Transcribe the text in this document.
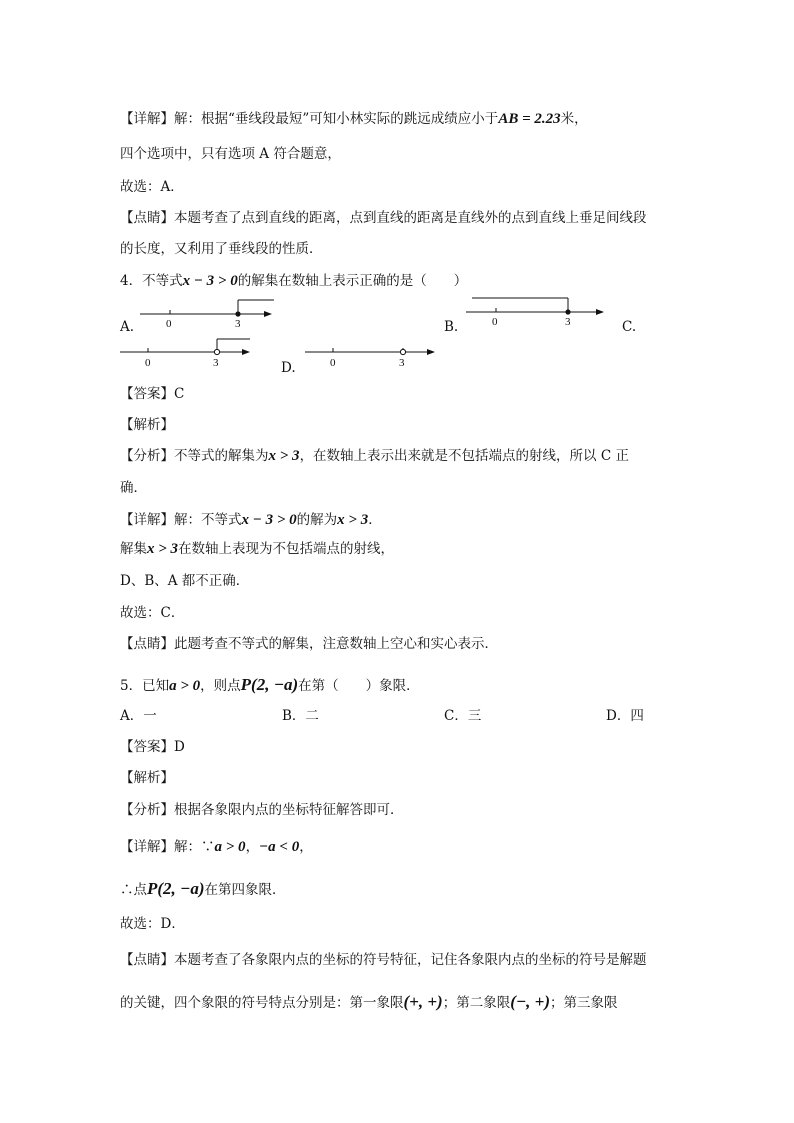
【详解】解：根据“垂线段最短”可知小林实际的跳远成绩应小于AB = 2.23米，
四个选项中，只有选项 A 符合题意，
故选：A．
【点睛】本题考查了点到直线的距离，点到直线的距离是直线外的点到直线上垂足间线段
的长度，又利用了垂线段的性质．
4．不等式x − 3 > 0的解集在数轴上表示正确的是（　　）
A.	0	3	B.	0	3	C.
0	3	D.	0	3
【答案】C
【解析】
【分析】不等式的解集为x > 3，在数轴上表示出来就是不包括端点的射线，所以 C 正
确．
【详解】解：不等式x − 3 > 0的解为x > 3．
解集x > 3在数轴上表现为不包括端点的射线，
D、B、A 都不正确．
故选：C．
【点睛】此题考查不等式的解集，注意数轴上空心和实心表示．
5．已知a > 0，则点P(2, −a)在第（　　）象限．
A．一	B．二	C．三	D．四
【答案】D
【解析】
【分析】根据各象限内点的坐标特征解答即可．
【详解】解：∵a > 0，−a < 0，
∴点P(2, −a)在第四象限．
故选：D．
【点睛】本题考查了各象限内点的坐标的符号特征，记住各象限内点的坐标的符号是解题
的关键，四个象限的符号特点分别是：第一象限(+, +)；第二象限(−, +)；第三象限
